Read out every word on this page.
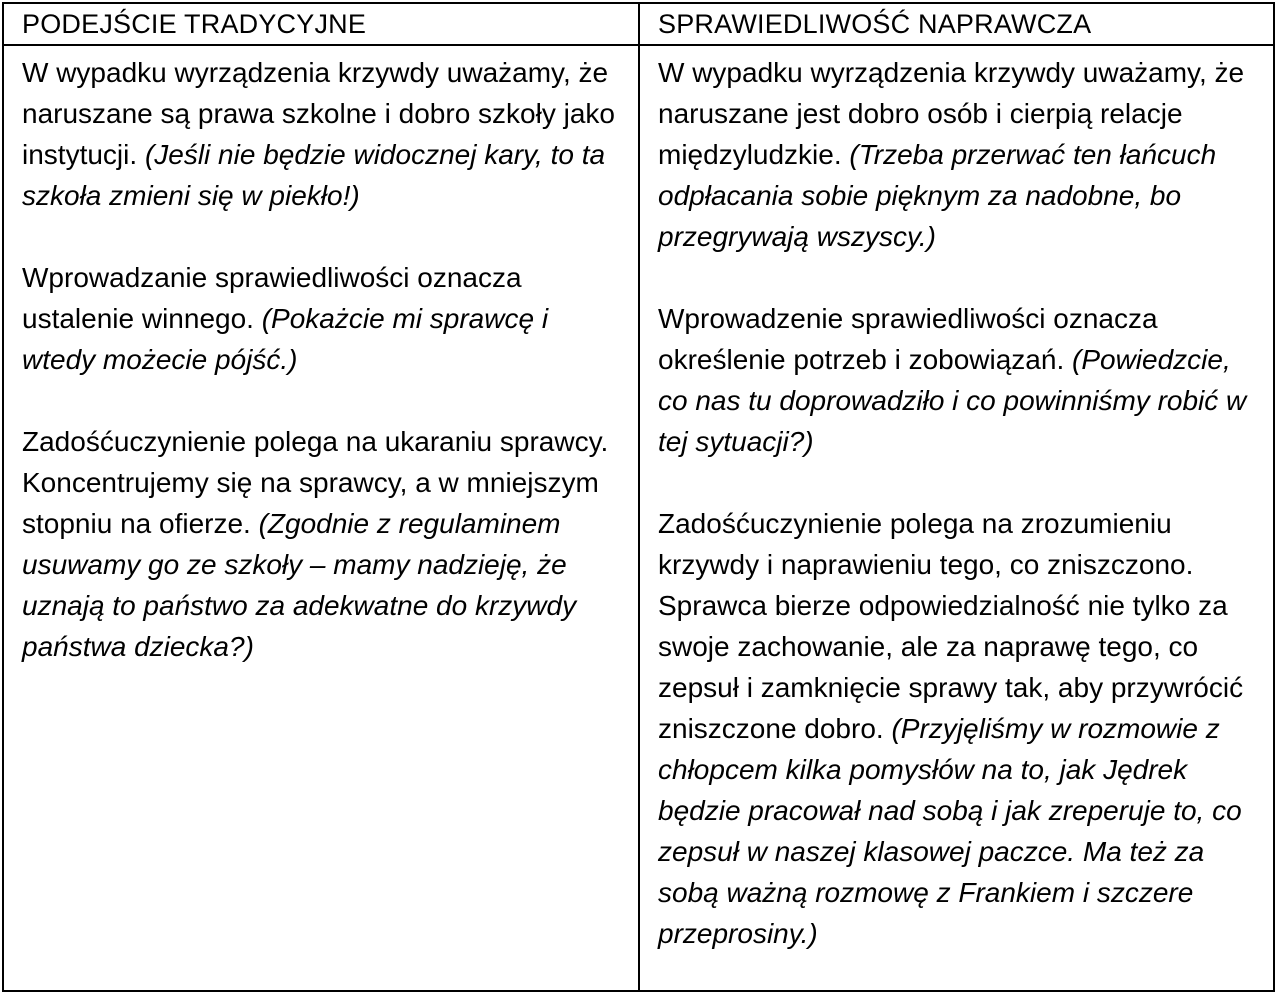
PODEJŚCIE TRADYCYJNE	SPRAWIEDLIWOŚĆ NAPRAWCZA

W wypadku wyrządzenia krzywdy uważamy, że naruszane są prawa szkolne i dobro szkoły jako instytucji. (Jeśli nie będzie widocznej kary, to ta szkoła zmieni się w piekło!)

Wprowadzanie sprawiedliwości oznacza ustalenie winnego. (Pokażcie mi sprawcę i wtedy możecie pójść.)

Zadośćuczynienie polega na ukaraniu sprawcy. Koncentrujemy się na sprawcy, a w mniejszym stopniu na ofierze. (Zgodnie z regulaminem usuwamy go ze szkoły – mamy nadzieję, że uznają to państwo za adekwatne do krzywdy państwa dziecka?)

W wypadku wyrządzenia krzywdy uważamy, że naruszane jest dobro osób i cierpią relacje międzyludzkie. (Trzeba przerwać ten łańcuch odpłacania sobie pięknym za nadobne, bo przegrywają wszyscy.)

Wprowadzenie sprawiedliwości oznacza określenie potrzeb i zobowiązań. (Powiedzcie, co nas tu doprowadziło i co powinniśmy robić w tej sytuacji?)

Zadośćuczynienie polega na zrozumieniu krzywdy i naprawieniu tego, co zniszczono. Sprawca bierze odpowiedzialność nie tylko za swoje zachowanie, ale za naprawę tego, co zepsuł i zamknięcie sprawy tak, aby przywrócić zniszczone dobro. (Przyjęliśmy w rozmowie z chłopcem kilka pomysłów na to, jak Jędrek będzie pracował nad sobą i jak zreperuje to, co zepsuł w naszej klasowej paczce. Ma też za sobą ważną rozmowę z Frankiem i szczere przeprosiny.)
